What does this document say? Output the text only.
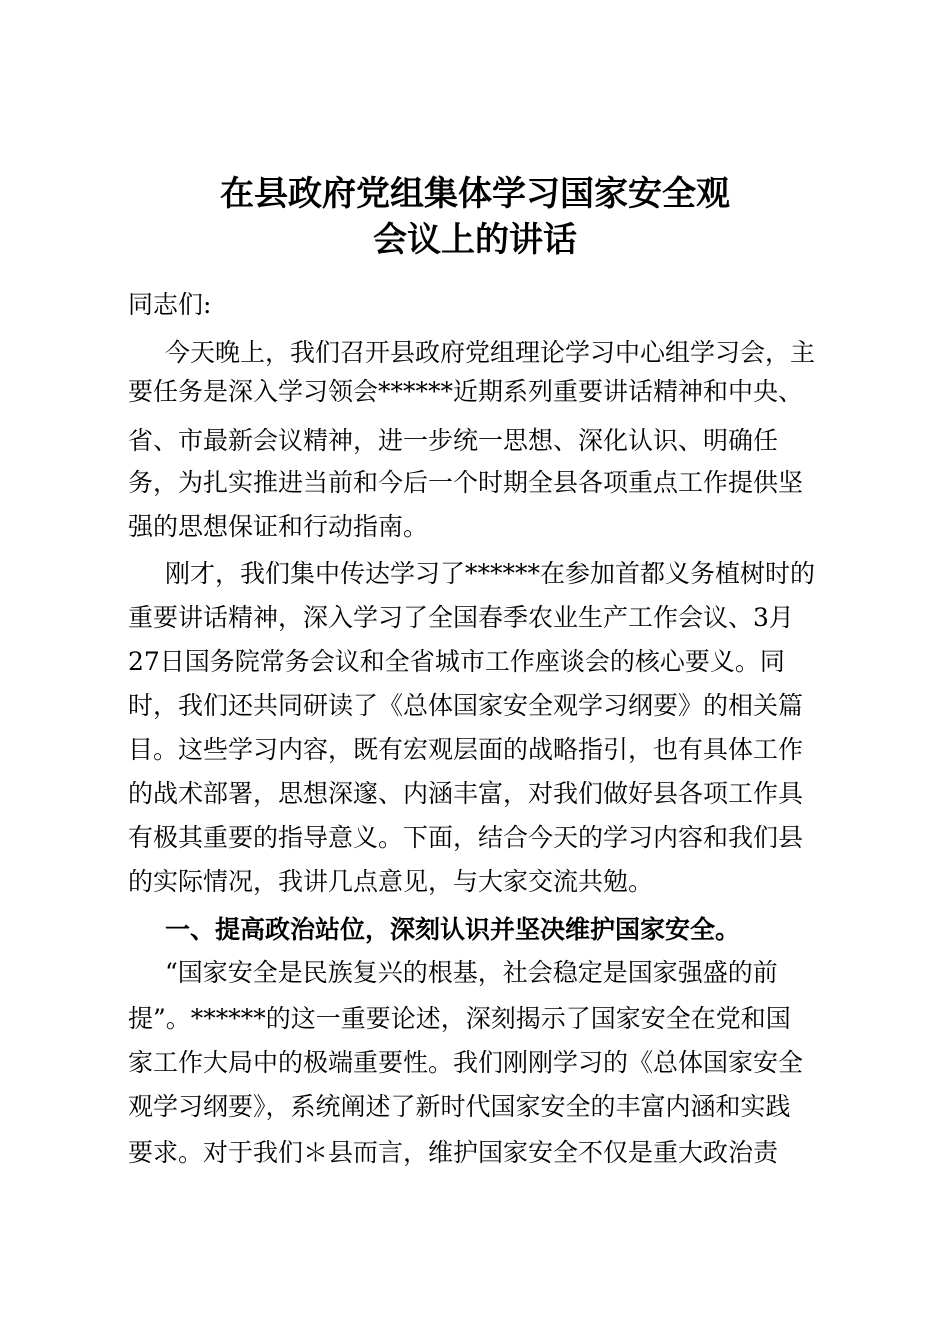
在县政府党组集体学习国家安全观
会议上的讲话
同志们:
今天晚上，我们召开县政府党组理论学习中心组学习会，主
要任务是深入学习领会******近期系列重要讲话精神和中央、
省、市最新会议精神，进一步统一思想、深化认识、明确任
务，为扎实推进当前和今后一个时期全县各项重点工作提供坚
强的思想保证和行动指南。
刚才，我们集中传达学习了******在参加首都义务植树时的
重要讲话精神，深入学习了全国春季农业生产工作会议、3月
27日国务院常务会议和全省城市工作座谈会的核心要义。同
时，我们还共同研读了《总体国家安全观学习纲要》的相关篇
目。这些学习内容，既有宏观层面的战略指引，也有具体工作
的战术部署，思想深邃、内涵丰富，对我们做好县各项工作具
有极其重要的指导意义。下面，结合今天的学习内容和我们县
的实际情况，我讲几点意见，与大家交流共勉。
一、提高政治站位，深刻认识并坚决维护国家安全。
“国家安全是民族复兴的根基，社会稳定是国家强盛的前
提”。******的这一重要论述，深刻揭示了国家安全在党和国
家工作大局中的极端重要性。我们刚刚学习的《总体国家安全
观学习纲要》，系统阐述了新时代国家安全的丰富内涵和实践
要求。对于我们＊县而言，维护国家安全不仅是重大政治责
